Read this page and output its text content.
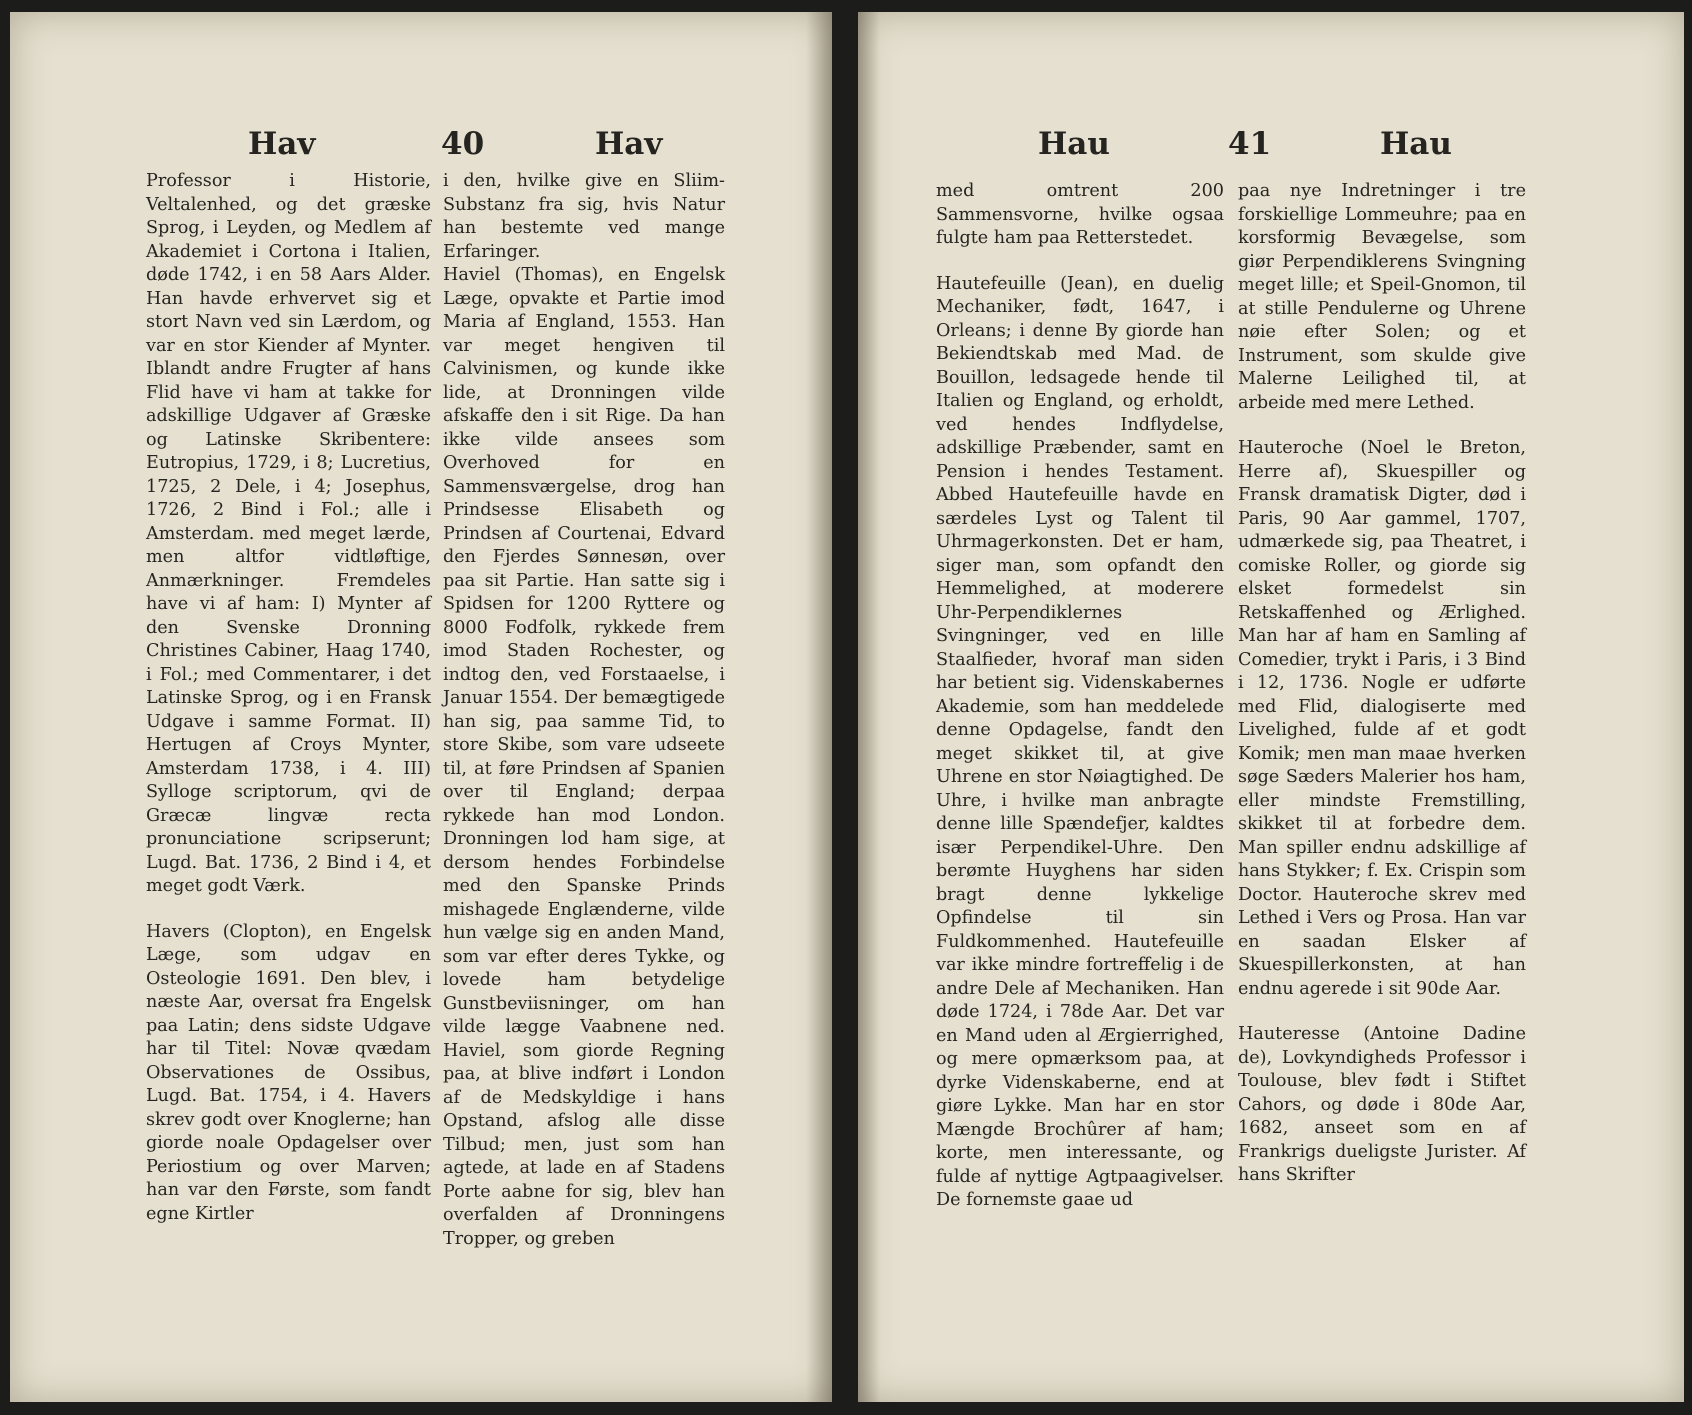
Hav	40	Hav

Professor i Historie, Veltalenhed, og det græske Sprog, i Leyden, og Medlem af Akademiet i Cortona i Italien, døde 1742, i en 58 Aars Alder. Han havde erhvervet sig et stort Navn ved sin Lærdom, og var en stor Kiender af Mynter. Iblandt andre Frugter af hans Flid have vi ham at takke for adskillige Udgaver af Græske og Latinske Skribentere: Eutropius, 1729, i 8; Lucretius, 1725, 2 Dele, i 4; Josephus, 1726, 2 Bind i Fol.; alle i Amsterdam. med meget lærde, men altfor vidtløftige, Anmærkninger. Fremdeles have vi af ham: I) Mynter af den Svenske Dronning Christines Cabiner, Haag 1740, i Fol.; med Commentarer, i det Latinske Sprog, og i en Fransk Udgave i samme Format. II) Hertugen af Croys Mynter, Amsterdam 1738, i 4. III) Sylloge scriptorum, qvi de Græcæ lingvæ recta pronunciatione scripserunt; Lugd. Bat. 1736, 2 Bind i 4, et meget godt Værk.

Havers (Clopton), en Engelsk Læge, som udgav en Osteologie 1691. Den blev, i næste Aar, oversat fra Engelsk paa Latin; dens sidste Udgave har til Titel: Novæ qvædam Observationes de Ossibus, Lugd. Bat. 1754, i 4. Havers skrev godt over Knoglerne; han giorde noale Opdagelser over Periostium og over Marven; han var den Første, som fandt egne Kirtler

i den, hvilke give en Sliim-Substanz fra sig, hvis Natur han bestemte ved mange Erfaringer.

Haviel (Thomas), en Engelsk Læge, opvakte et Partie imod Maria af England, 1553. Han var meget hengiven til Calvinismen, og kunde ikke lide, at Dronningen vilde afskaffe den i sit Rige. Da han ikke vilde ansees som Overhoved for en Sammensværgelse, drog han Prindsesse Elisabeth og Prindsen af Courtenai, Edvard den Fjerdes Sønnesøn, over paa sit Partie. Han satte sig i Spidsen for 1200 Ryttere og 8000 Fodfolk, rykkede frem imod Staden Rochester, og indtog den, ved Forstaaelse, i Januar 1554. Der bemægtigede han sig, paa samme Tid, to store Skibe, som vare udseete til, at føre Prindsen af Spanien over til England; derpaa rykkede han mod London. Dronningen lod ham sige, at dersom hendes Forbindelse med den Spanske Prinds mishagede Englænderne, vilde hun vælge sig en anden Mand, som var efter deres Tykke, og lovede ham betydelige Gunstbeviisninger, om han vilde lægge Vaabnene ned. Haviel, som giorde Regning paa, at blive indført i London af de Medskyldige i hans Opstand, afslog alle disse Tilbud; men, just som han agtede, at lade en af Stadens Porte aabne for sig, blev han overfalden af Dronningens Tropper, og greben

Hau	41	Hau

med omtrent 200 Sammensvorne, hvilke ogsaa fulgte ham paa Retterstedet.

Hautefeuille (Jean), en duelig Mechaniker, født, 1647, i Orleans; i denne By giorde han Bekiendtskab med Mad. de Bouillon, ledsagede hende til Italien og England, og erholdt, ved hendes Indflydelse, adskillige Præbender, samt en Pension i hendes Testament. Abbed Hautefeuille havde en særdeles Lyst og Talent til Uhrmagerkonsten. Det er ham, siger man, som opfandt den Hemmelighed, at moderere Uhr-Perpendiklernes Svingninger, ved en lille Staalfieder, hvoraf man siden har betient sig. Videnskabernes Akademie, som han meddelede denne Opdagelse, fandt den meget skikket til, at give Uhrene en stor Nøiagtighed. De Uhre, i hvilke man anbragte denne lille Spændefjer, kaldtes især Perpendikel-Uhre. Den berømte Huyghens har siden bragt denne lykkelige Opfindelse til sin Fuldkommenhed. Hautefeuille var ikke mindre fortreffelig i de andre Dele af Mechaniken. Han døde 1724, i 78de Aar. Det var en Mand uden al Ærgierrighed, og mere opmærksom paa, at dyrke Videnskaberne, end at giøre Lykke. Man har en stor Mængde Brochûrer af ham; korte, men interessante, og fulde af nyttige Agtpaagivelser. De fornemste gaae ud

paa nye Indretninger i tre forskiellige Lommeuhre; paa en korsformig Bevægelse, som giør Perpendiklerens Svingning meget lille; et Speil-Gnomon, til at stille Pendulerne og Uhrene nøie efter Solen; og et Instrument, som skulde give Malerne Leilighed til, at arbeide med mere Lethed.

Hauteroche (Noel le Breton, Herre af), Skuespiller og Fransk dramatisk Digter, død i Paris, 90 Aar gammel, 1707, udmærkede sig, paa Theatret, i comiske Roller, og giorde sig elsket formedelst sin Retskaffenhed og Ærlighed. Man har af ham en Samling af Comedier, trykt i Paris, i 3 Bind i 12, 1736. Nogle er udførte med Flid, dialogiserte med Livelighed, fulde af et godt Komik; men man maae hverken søge Sæders Malerier hos ham, eller mindste Fremstilling, skikket til at forbedre dem. Man spiller endnu adskillige af hans Stykker; f. Ex. Crispin som Doctor. Hauteroche skrev med Lethed i Vers og Prosa. Han var en saadan Elsker af Skuespillerkonsten, at han endnu agerede i sit 90de Aar.

Hauteresse (Antoine Dadine de), Lovkyndigheds Professor i Toulouse, blev født i Stiftet Cahors, og døde i 80de Aar, 1682, anseet som en af Frankrigs dueligste Jurister. Af hans Skrifter
